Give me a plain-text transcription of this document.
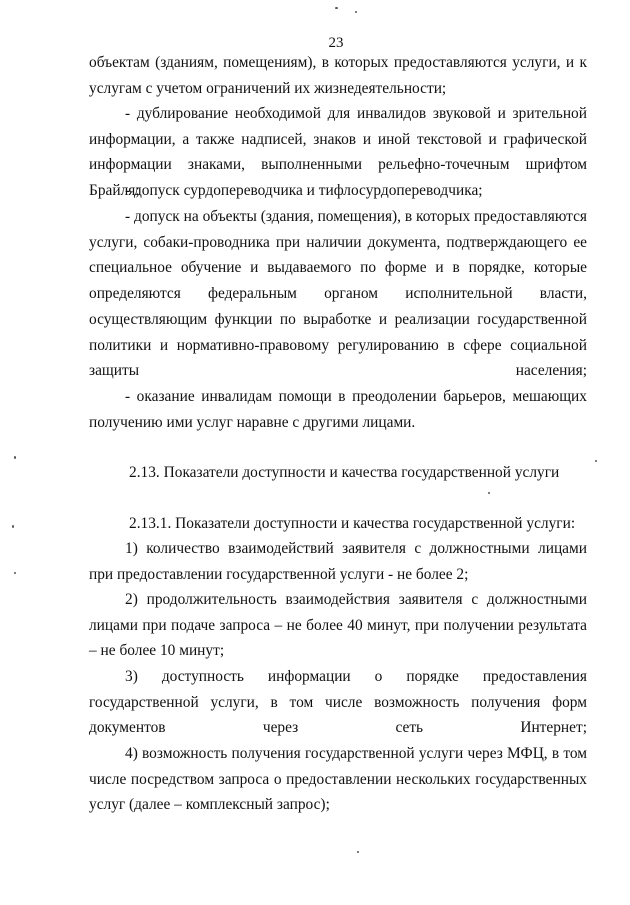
23

объектам (зданиям, помещениям), в которых предоставляются услуги, и к услугам с учетом ограничений их жизнедеятельности;

- дублирование необходимой для инвалидов звуковой и зрительной информации, а также надписей, знаков и иной текстовой и графической информации знаками, выполненными рельефно-точечным шрифтом Брайля;

- допуск сурдопереводчика и тифлосурдопереводчика;

- допуск на объекты (здания, помещения), в которых предоставляются услуги, собаки-проводника при наличии документа, подтверждающего ее специальное обучение и выдаваемого по форме и в порядке, которые определяются федеральным органом исполнительной власти, осуществляющим функции по выработке и реализации государственной политики и нормативно-правовому регулированию в сфере социальной защиты населения;

- оказание инвалидам помощи в преодолении барьеров, мешающих получению ими услуг наравне с другими лицами.

2.13. Показатели доступности и качества государственной услуги

2.13.1. Показатели доступности и качества государственной услуги:

1) количество взаимодействий заявителя с должностными лицами при предоставлении государственной услуги - не более 2;

2) продолжительность взаимодействия заявителя с должностными лицами при подаче запроса – не более 40 минут, при получении результата – не более 10 минут;

3) доступность информации о порядке предоставления государственной услуги, в том числе возможность получения форм документов через сеть Интернет;

4) возможность получения государственной услуги через МФЦ, в том числе посредством запроса о предоставлении нескольких государственных услуг (далее – комплексный запрос);
